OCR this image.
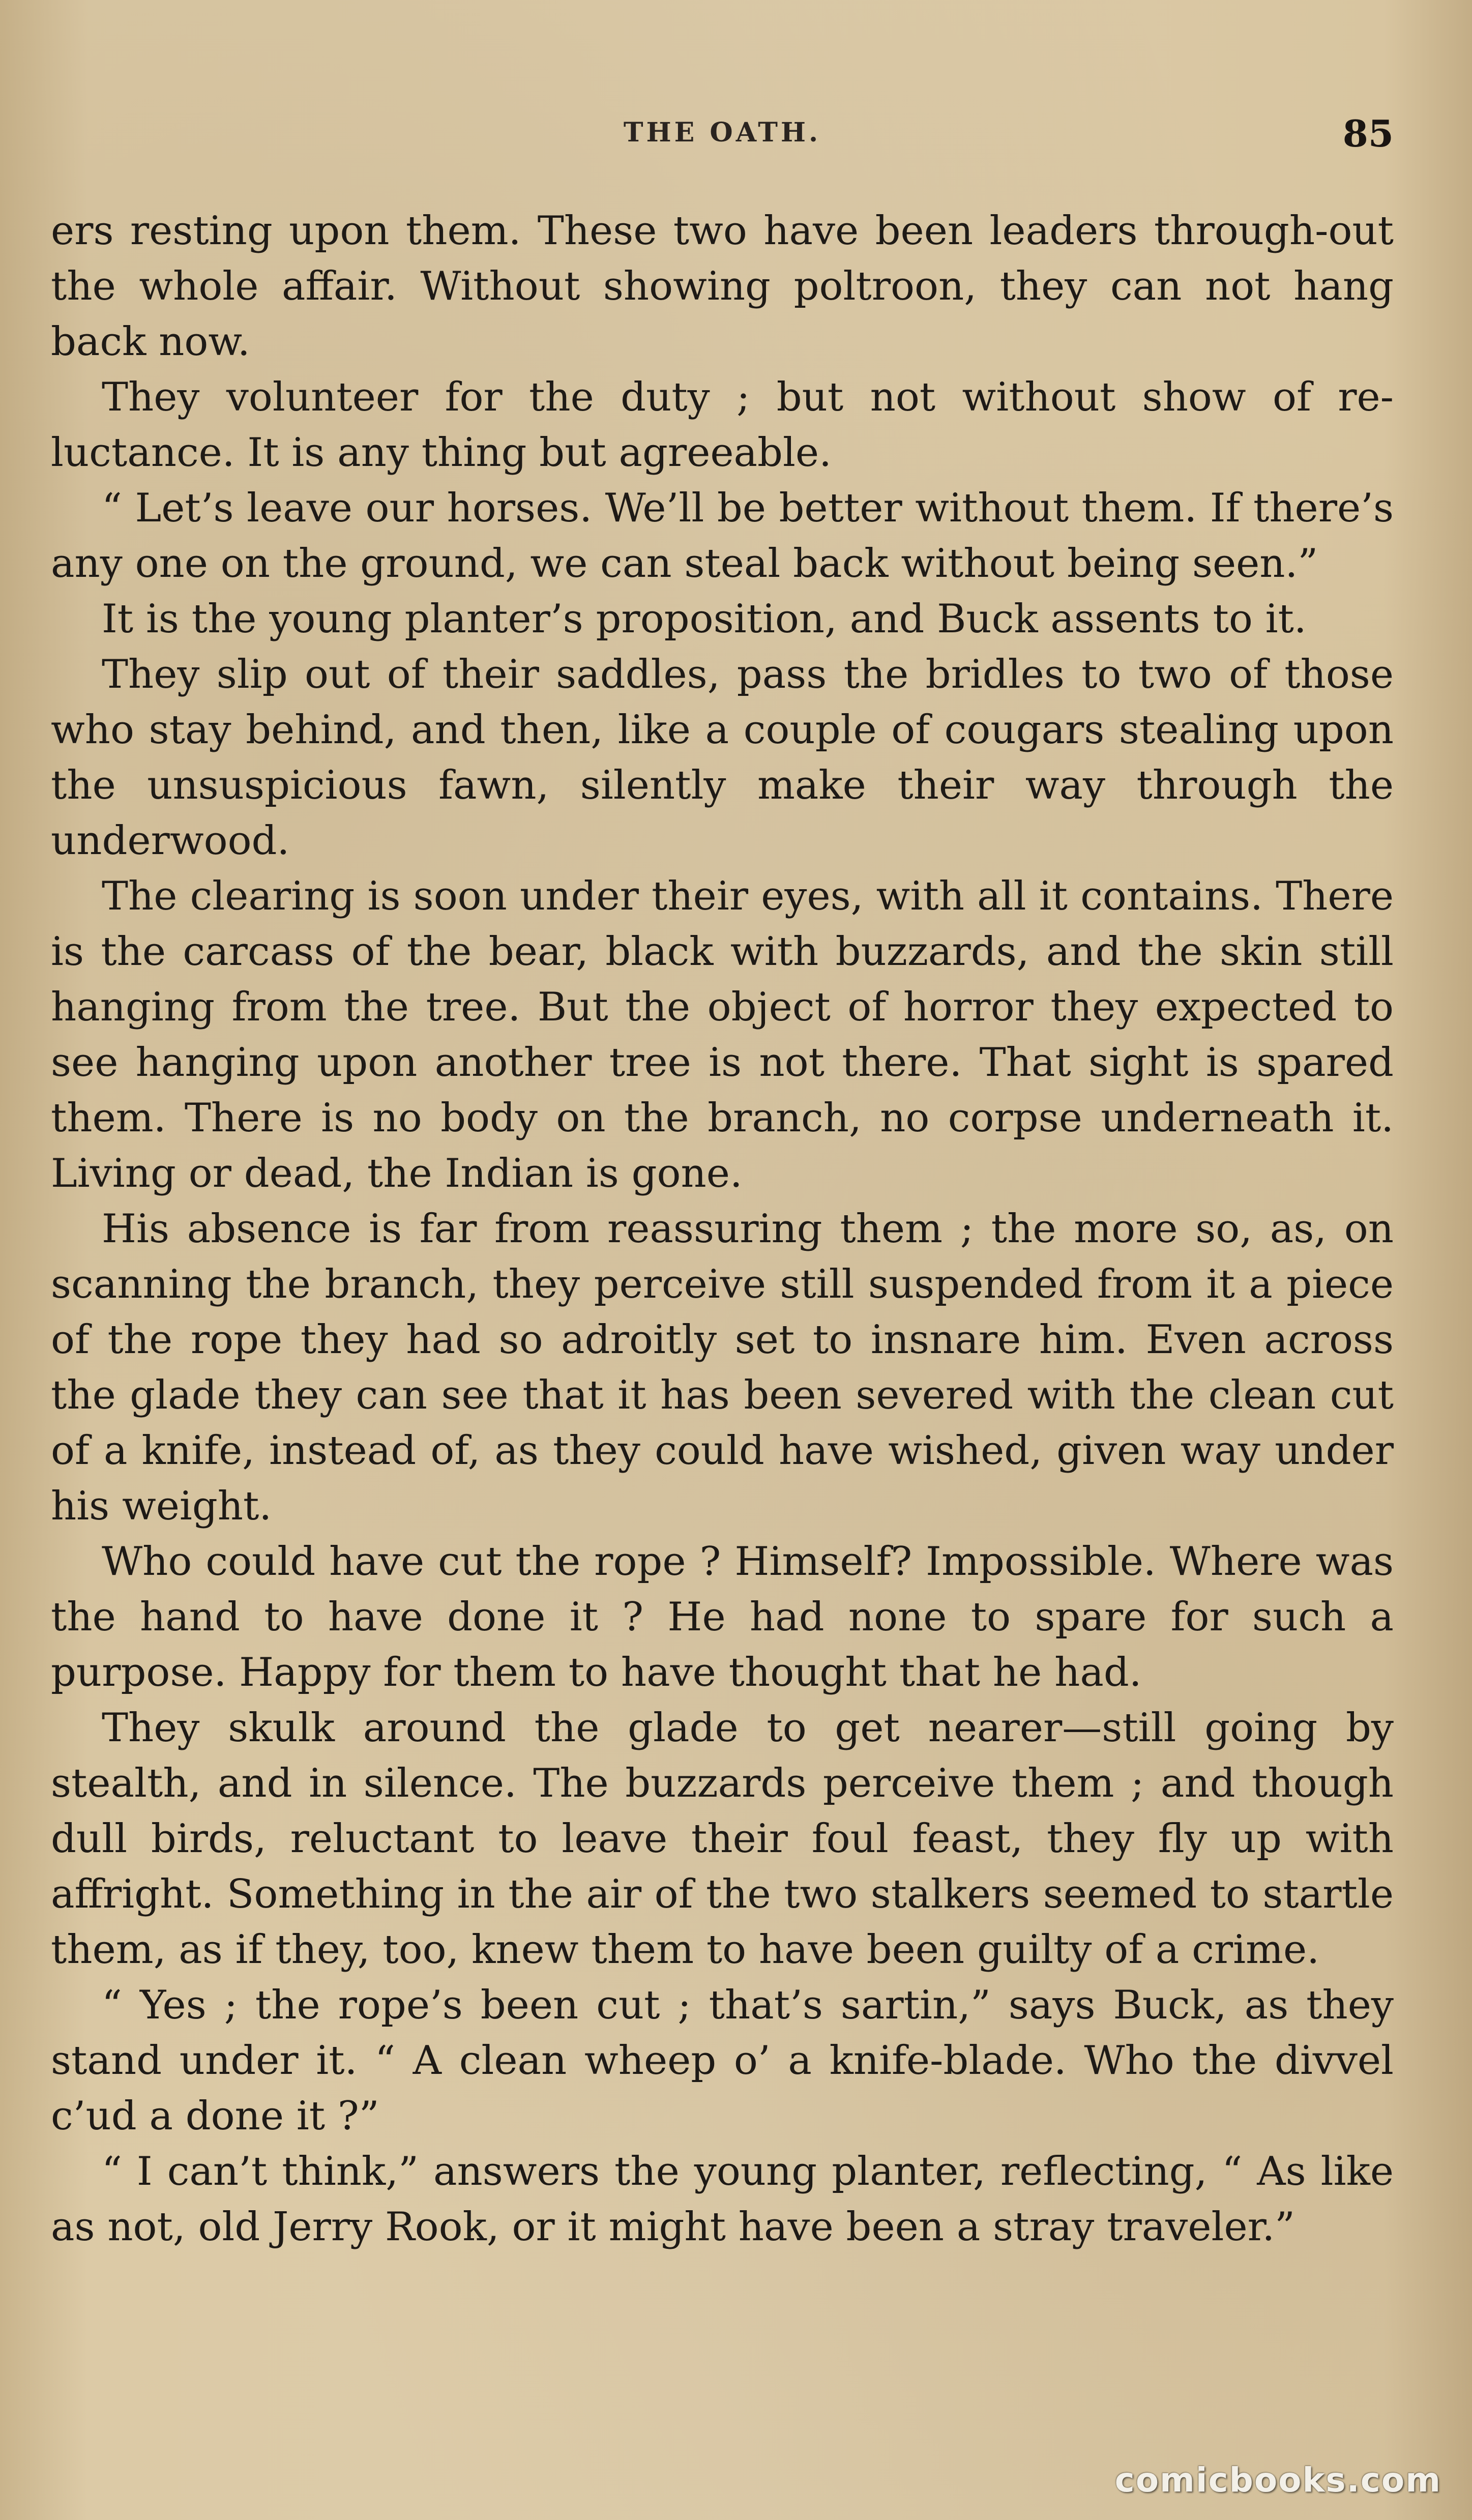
THE OATH.	85

ers resting upon them. These two have been leaders through-out the whole affair. Without showing poltroon, they can not hang back now.

They volunteer for the duty ; but not without show of re-luctance. It is any thing but agreeable.

“ Let’s leave our horses. We’ll be better without them. If there’s any one on the ground, we can steal back without being seen.”

It is the young planter’s proposition, and Buck assents to it.

They slip out of their saddles, pass the bridles to two of those who stay behind, and then, like a couple of cougars stealing upon the unsuspicious fawn, silently make their way through the underwood.

The clearing is soon under their eyes, with all it contains. There is the carcass of the bear, black with buzzards, and the skin still hanging from the tree. But the object of horror they expected to see hanging upon another tree is not there. That sight is spared them. There is no body on the branch, no corpse underneath it. Living or dead, the Indian is gone.

His absence is far from reassuring them ; the more so, as, on scanning the branch, they perceive still suspended from it a piece of the rope they had so adroitly set to insnare him. Even across the glade they can see that it has been severed with the clean cut of a knife, instead of, as they could have wished, given way under his weight.

Who could have cut the rope ? Himself? Impossible. Where was the hand to have done it ? He had none to spare for such a purpose. Happy for them to have thought that he had.

They skulk around the glade to get nearer—still going by stealth, and in silence. The buzzards perceive them ; and though dull birds, reluctant to leave their foul feast, they fly up with affright. Something in the air of the two stalkers seemed to startle them, as if they, too, knew them to have been guilty of a crime.

“ Yes ; the rope’s been cut ; that’s sartin,” says Buck, as they stand under it. “ A clean wheep o’ a knife-blade. Who the divvel c’ud a done it ?”

“ I can’t think,” answers the young planter, reflecting, “ As like as not, old Jerry Rook, or it might have been a stray traveler.”

comicbooks.com
